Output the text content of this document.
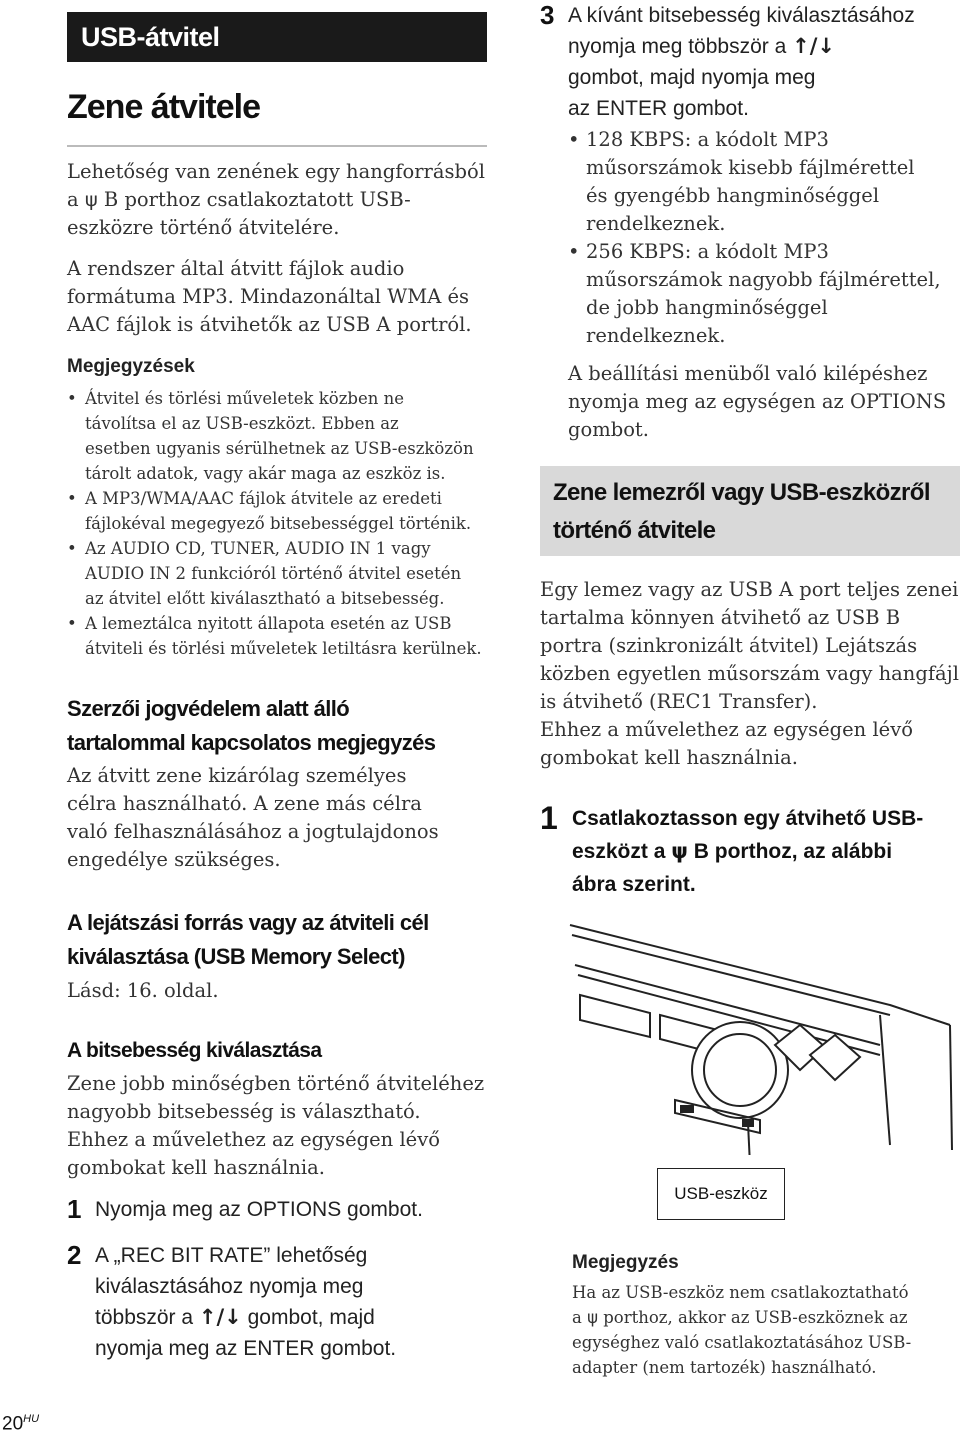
USB-átvitel
Zene átvitele
Lehetőség van zenének egy hangforrásból
a ψ B porthoz csatlakoztatott USB-
eszközre történő átvitelére.
A rendszer által átvitt fájlok audio
formátuma MP3. Mindazonáltal WMA és
AAC fájlok is átvihetők az USB A portról.
Megjegyzések
• Átvitel és törlési műveletek közben ne
távolítsa el az USB-eszközt. Ebben az
esetben ugyanis sérülhetnek az USB-eszközön
tárolt adatok, vagy akár maga az eszköz is.
• A MP3/WMA/AAC fájlok átvitele az eredeti
fájlokéval megegyező bitsebességgel történik.
• Az AUDIO CD, TUNER, AUDIO IN 1 vagy
AUDIO IN 2 funkcióról történő átvitel esetén
az átvitel előtt kiválasztható a bitsebesség.
• A lemeztálca nyitott állapota esetén az USB
átviteli és törlési műveletek letiltásra kerülnek.
Szerzői jogvédelem alatt álló
tartalommal kapcsolatos megjegyzés
Az átvitt zene kizárólag személyes
célra használható. A zene más célra
való felhasználásához a jogtulajdonos
engedélye szükséges.
A lejátszási forrás vagy az átviteli cél
kiválasztása (USB Memory Select)
Lásd: 16. oldal.
A bitsebesség kiválasztása
Zene jobb minőségben történő átviteléhez
nagyobb bitsebesség is választható.
Ehhez a művelethez az egységen lévő
gombokat kell használnia.
1 Nyomja meg az OPTIONS gombot.
2 A „REC BIT RATE” lehetőség
kiválasztásához nyomja meg
többször a ↑/↓ gombot, majd
nyomja meg az ENTER gombot.
$20^{HU}$
3 A kívánt bitsebesség kiválasztásához
nyomja meg többször a ↑/↓
gombot, majd nyomja meg
az ENTER gombot.
• 128 KBPS: a kódolt MP3
műsorszámok kisebb fájlmérettel
és gyengébb hangminőséggel
rendelkeznek.
• 256 KBPS: a kódolt MP3
műsorszámok nagyobb fájlmérettel,
de jobb hangminőséggel
rendelkeznek.
A beállítási menüből való kilépéshez
nyomja meg az egységen az OPTIONS
gombot.
Zene lemezről vagy USB-eszközről
történő átvitele
Egy lemez vagy az USB A port teljes zenei
tartalma könnyen átvihető az USB B
portra (szinkronizált átvitel) Lejátszás
közben egyetlen műsorszám vagy hangfájl
is átvihető (REC1 Transfer).
Ehhez a művelethez az egységen lévő
gombokat kell használnia.
1 Csatlakoztasson egy átvihető USB-
eszközt a ψ B porthoz, az alábbi
ábra szerint.
USB-eszköz
Megjegyzés
Ha az USB-eszköz nem csatlakoztatható
a ψ porthoz, akkor az USB-eszköznek az
egységhez való csatlakoztatásához USB-
adapter (nem tartozék) használható.
